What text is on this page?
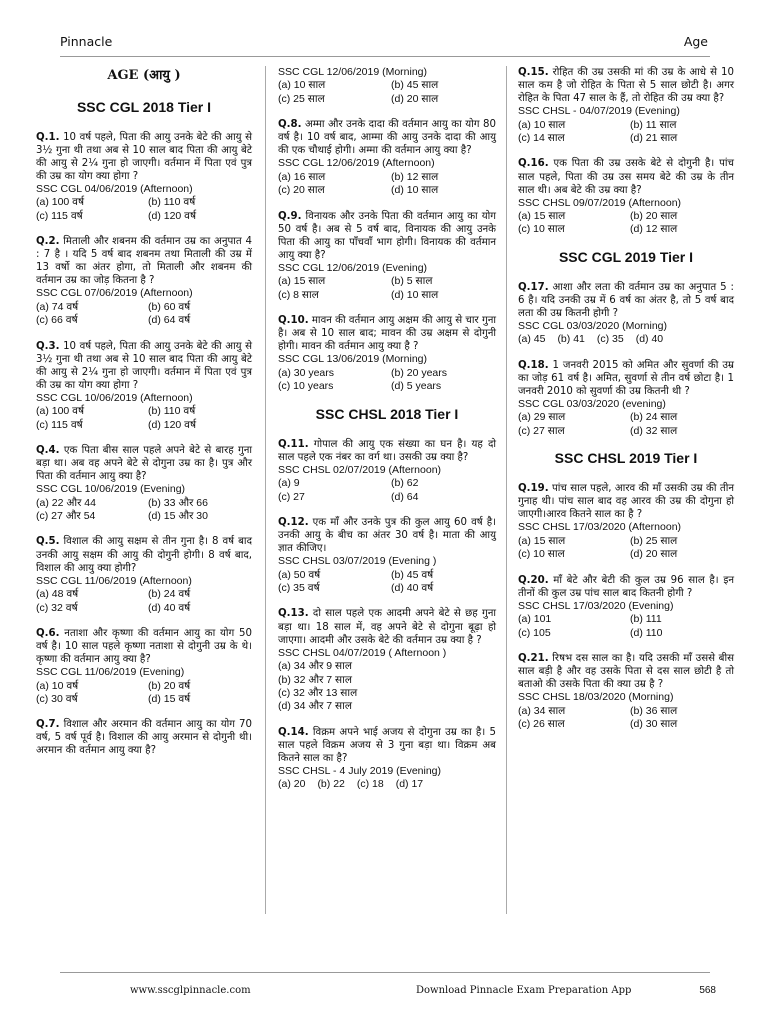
Pinnacle	Age
AGE (आयु )
SSC CGL 2018 Tier I
Q.1. 10 वर्ष पहले, पिता की आयु उनके बेटे की आयु से 3½ गुना थी तथा अब से 10 साल बाद पिता की आयु बेटे की आयु से 2¼ गुना हो जाएगी। वर्तमान में पिता एवं पुत्र की उम्र का योग क्या होगा ?
SSC CGL 04/06/2019 (Afternoon)
(a) 100 वर्ष	(b) 110 वर्ष
(c) 115 वर्ष	(d) 120 वर्ष
Q.2. मिताली और शबनम की वर्तमान उम्र का अनुपात 4 : 7 है । यदि 5 वर्ष बाद शबनम तथा मिताली की उम्र में 13 वर्षो का अंतर होगा, तो मिताली और शबनम की वर्तमान उम्र का जोड़ कितना है ?
SSC CGL 07/06/2019 (Afternoon)
(a) 74 वर्ष	(b) 60 वर्ष
(c) 66 वर्ष	(d) 64 वर्ष
Q.3. 10 वर्ष पहले, पिता की आयु उनके बेटे की आयु से 3½ गुना थी तथा अब से 10 साल बाद पिता की आयु बेटे की आयु से 2¼ गुना हो जाएगी। वर्तमान में पिता एवं पुत्र की उम्र का योग क्या होगा ?
SSC CGL 10/06/2019 (Afternoon)
(a) 100 वर्ष	(b) 110 वर्ष
(c) 115 वर्ष	(d) 120 वर्ष
Q.4. एक पिता बीस साल पहले अपने बेटे से बारह गुना बड़ा था। अब वह अपने बेटे से दोगुना उम्र का है। पुत्र और पिता की वर्तमान आयु क्या है?
SSC CGL 10/06/2019 (Evening)
(a) 22 और 44	(b) 33 और 66
(c) 27 और 54	(d) 15 और 30
Q.5. विशाल की आयु सक्षम से तीन गुना है। 8 वर्ष बाद उनकी आयु सक्षम की आयु की दोगुनी होगी। 8 वर्ष बाद, विशाल की आयु क्या होगी?
SSC CGL 11/06/2019 (Afternoon)
(a) 48 वर्ष	(b) 24 वर्ष
(c) 32 वर्ष	(d) 40 वर्ष
Q.6. नताशा और कृष्णा की वर्तमान आयु का योग 50 वर्ष है। 10 साल पहले कृष्णा नताशा से दोगुनी उम्र के थे। कृष्णा की वर्तमान आयु क्या है?
SSC CGL 11/06/2019 (Evening)
(a) 10 वर्ष	(b) 20 वर्ष
(c) 30 वर्ष	(d) 15 वर्ष
Q.7. विशाल और अरमान की वर्तमान आयु का योग 70 वर्ष, 5 वर्ष पूर्व है। विशाल की आयु अरमान से दोगुनी थी। अरमान की वर्तमान आयु क्या है?
SSC CGL 12/06/2019 (Morning)
(a) 10 साल	(b) 45 साल
(c) 25 साल	(d) 20 साल
Q.8. अम्मा और उनके दादा की वर्तमान आयु का योग 80 वर्ष है। 10 वर्ष बाद, आम्मा की आयु उनके दादा की आयु की एक चौथाई होगी। अम्मा की वर्तमान आयु क्या है?
SSC CGL 12/06/2019 (Afternoon)
(a) 16 साल	(b) 12 साल
(c) 20 साल	(d) 10 साल
Q.9. विनायक और उनके पिता की वर्तमान आयु का योग 50 वर्ष है। अब से 5 वर्ष बाद, विनायक की आयु उनके पिता की आयु का पाँचवाँ भाग होगी। विनायक की वर्तमान आयु क्या है?
SSC CGL 12/06/2019 (Evening)
(a) 15 साल	(b) 5 साल
(c) 8 साल	(d) 10 साल
Q.10. मावन की वर्तमान आयु अक्षम की आयु से चार गुना है। अब से 10 साल बाद; मावन की उम्र अक्षम से दोगुनी होगी। मावन की वर्तमान आयु क्या है ?
SSC CGL 13/06/2019 (Morning)
(a) 30 years	(b) 20 years
(c) 10 years	(d) 5 years
SSC CHSL 2018 Tier I
Q.11. गोपाल की आयु एक संख्या का घन है। यह दो साल पहले एक नंबर का वर्ग था। उसकी उम्र क्या है?
SSC CHSL 02/07/2019 (Afternoon)
(a) 9	(b) 62
(c) 27	(d) 64
Q.12. एक माँ और उनके पुत्र की कुल आयु 60 वर्ष है। उनकी आयु के बीच का अंतर 30 वर्ष है। माता की आयु ज्ञात कीजिए।
SSC CHSL 03/07/2019 (Evening )
(a) 50 वर्ष	(b) 45 वर्ष
(c) 35 वर्ष	(d) 40 वर्ष
Q.13. दो साल पहले एक आदमी अपने बेटे से छह गुना बड़ा था। 18 साल में, वह अपने बेटे से दोगुना बूढ़ा हो जाएगा। आदमी और उसके बेटे की वर्तमान उम्र क्या है ?
SSC CHSL 04/07/2019 ( Afternoon )
(a) 34 और 9 साल
(b) 32 और 7 साल
(c) 32 और 13 साल
(d) 34 और 7 साल
Q.14. विक्रम अपने भाई अजय से दोगुना उम्र का है। 5 साल पहले विक्रम अजय से 3 गुना बड़ा था। विक्रम अब कितने साल का है?
SSC CHSL - 4 July 2019 (Evening)
(a) 20 (b) 22 (c) 18 (d) 17
Q.15. रोहित की उम्र उसकी मां की उम्र के आधे से 10 साल कम है जो रोहित के पिता से 5 साल छोटी है। अगर रोहित के पिता 47 साल के हैं, तो रोहित की उम्र क्या है?
SSC CHSL - 04/07/2019 (Evening)
(a) 10 साल	(b) 11 साल
(c) 14 साल	(d) 21 साल
Q.16. एक पिता की उम्र उसके बेटे से दोगुनी है। पांच साल पहले, पिता की उम्र उस समय बेटे की उम्र के तीन साल थी। अब बेटे की उम्र क्या है?
SSC CHSL 09/07/2019 (Afternoon)
(a) 15 साल	(b) 20 साल
(c) 10 साल	(d) 12 साल
SSC CGL 2019 Tier I
Q.17. आशा और लता की वर्तमान उम्र का अनुपात 5 : 6 है। यदि उनकी उम्र में 6 वर्ष का अंतर है, तो 5 वर्ष बाद लता की उम्र कितनी होगी ?
SSC CGL 03/03/2020 (Morning)
(a) 45 (b) 41 (c) 35 (d) 40
Q.18. 1 जनवरी 2015 को अमित और सुवर्णा की उम्र का जोड़ 61 वर्ष है। अमित, सुवर्णा से तीन वर्ष छोटा है। 1 जनवरी 2010 को सुवर्णा की उम्र कितनी थी ?
SSC CGL 03/03/2020 (evening)
(a) 29 साल	(b) 24 साल
(c) 27 साल	(d) 32 साल
SSC CHSL 2019 Tier I
Q.19. पांच साल पहले, आरव की माँ उसकी उम्र की तीन गुनाह थी। पांच साल बाद वह आरव की उम्र की दोगुना हो जाएगी।आरव कितने साल का है ?
SSC CHSL 17/03/2020 (Afternoon)
(a) 15 साल	(b) 25 साल
(c) 10 साल	(d) 20 साल
Q.20. माँ बेटे और बेटी की कुल उम्र 96 साल है। इन तीनों की कुल उम्र पांच साल बाद कितनी होगी ?
SSC CHSL 17/03/2020 (Evening)
(a) 101	(b) 111
(c) 105	(d) 110
Q.21. रिषभ दस साल का है। यदि उसकी माँ उससे बीस साल बड़ी है और वह उसके पिता से दस साल छोटी है तो बताओ की उसके पिता की क्या उम्र है ?
SSC CHSL 18/03/2020 (Morning)
(a) 34 साल	(b) 36 साल
(c) 26 साल	(d) 30 साल
www.sscglpinnacle.com	Download Pinnacle Exam Preparation App	568
